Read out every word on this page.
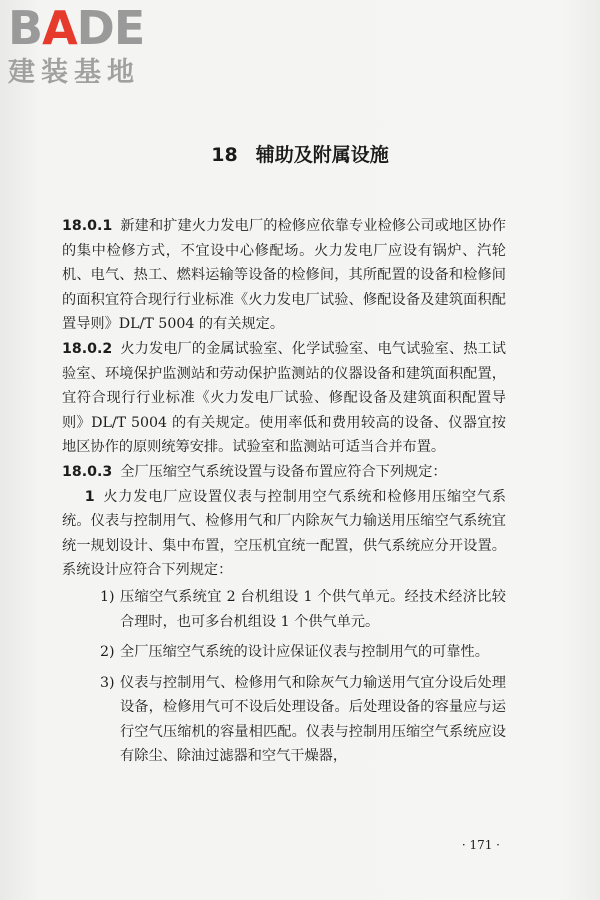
BADE
建装基地
18 辅助及附属设施

18.0.1 新建和扩建火力发电厂的检修应依靠专业检修公司或地区协作的集中检修方式，不宜设中心修配场。火力发电厂应设有锅炉、汽轮机、电气、热工、燃料运输等设备的检修间，其所配置的设备和检修间的面积宜符合现行行业标准《火力发电厂试验、修配设备及建筑面积配置导则》DL/T 5004 的有关规定。

18.0.2 火力发电厂的金属试验室、化学试验室、电气试验室、热工试验室、环境保护监测站和劳动保护监测站的仪器设备和建筑面积配置，宜符合现行行业标准《火力发电厂试验、修配设备及建筑面积配置导则》DL/T 5004 的有关规定。使用率低和费用较高的设备、仪器宜按地区协作的原则统筹安排。试验室和监测站可适当合并布置。

18.0.3 全厂压缩空气系统设置与设备布置应符合下列规定：

1 火力发电厂应设置仪表与控制用空气系统和检修用压缩空气系统。仪表与控制用气、检修用气和厂内除灰气力输送用压缩空气系统宜统一规划设计、集中布置，空压机宜统一配置，供气系统应分开设置。系统设计应符合下列规定：

1) 压缩空气系统宜 2 台机组设 1 个供气单元。经技术经济比较合理时，也可多台机组设 1 个供气单元。
2) 全厂压缩空气系统的设计应保证仪表与控制用气的可靠性。
3) 仪表与控制用气、检修用气和除灰气力输送用气宜分设后处理设备，检修用气可不设后处理设备。后处理设备的容量应与运行空气压缩机的容量相匹配。仪表与控制用压缩空气系统应设有除尘、除油过滤器和空气干燥器，
· 171 ·
